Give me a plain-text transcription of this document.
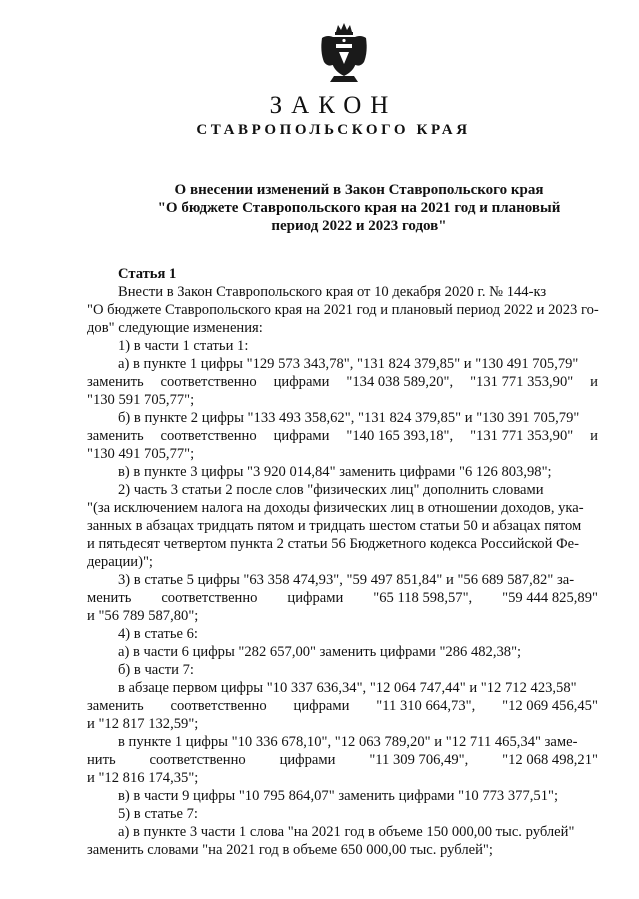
ЗАКОН
СТАВРОПОЛЬСКОГО КРАЯ
О внесении изменений в Закон Ставропольского края
"О бюджете Ставропольского края на 2021 год и плановый
период 2022 и 2023 годов"
Статья 1
Внести в Закон Ставропольского края от 10 декабря 2020 г. № 144-кз
"О бюджете Ставропольского края на 2021 год и плановый период 2022 и 2023 го-
дов" следующие изменения:
1) в части 1 статьи 1:
а) в пункте 1 цифры "129 573 343,78", "131 824 379,85" и "130 491 705,79"
заменить соответственно цифрами "134 038 589,20", "131 771 353,90" и
"130 591 705,77";
б) в пункте 2 цифры "133 493 358,62", "131 824 379,85" и "130 391 705,79"
заменить соответственно цифрами "140 165 393,18", "131 771 353,90" и
"130 491 705,77";
в) в пункте 3 цифры "3 920 014,84" заменить цифрами "6 126 803,98";
2) часть 3 статьи 2 после слов "физических лиц" дополнить словами
"(за исключением налога на доходы физических лиц в отношении доходов, ука-
занных в абзацах тридцать пятом и тридцать шестом статьи 50 и абзацах пятом
и пятьдесят четвертом пункта 2 статьи 56 Бюджетного кодекса Российской Фе-
дерации)";
3) в статье 5 цифры "63 358 474,93", "59 497 851,84" и "56 689 587,82" за-
менить соответственно цифрами "65 118 598,57", "59 444 825,89"
и "56 789 587,80";
4) в статье 6:
а) в части 6 цифры "282 657,00" заменить цифрами "286 482,38";
б) в части 7:
в абзаце первом цифры "10 337 636,34", "12 064 747,44" и "12 712 423,58"
заменить соответственно цифрами "11 310 664,73", "12 069 456,45"
и "12 817 132,59";
в пункте 1 цифры "10 336 678,10", "12 063 789,20" и "12 711 465,34" заме-
нить соответственно цифрами "11 309 706,49", "12 068 498,21"
и "12 816 174,35";
в) в части 9 цифры "10 795 864,07" заменить цифрами "10 773 377,51";
5) в статье 7:
а) в пункте 3 части 1 слова "на 2021 год в объеме 150 000,00 тыс. рублей"
заменить словами "на 2021 год в объеме 650 000,00 тыс. рублей";
